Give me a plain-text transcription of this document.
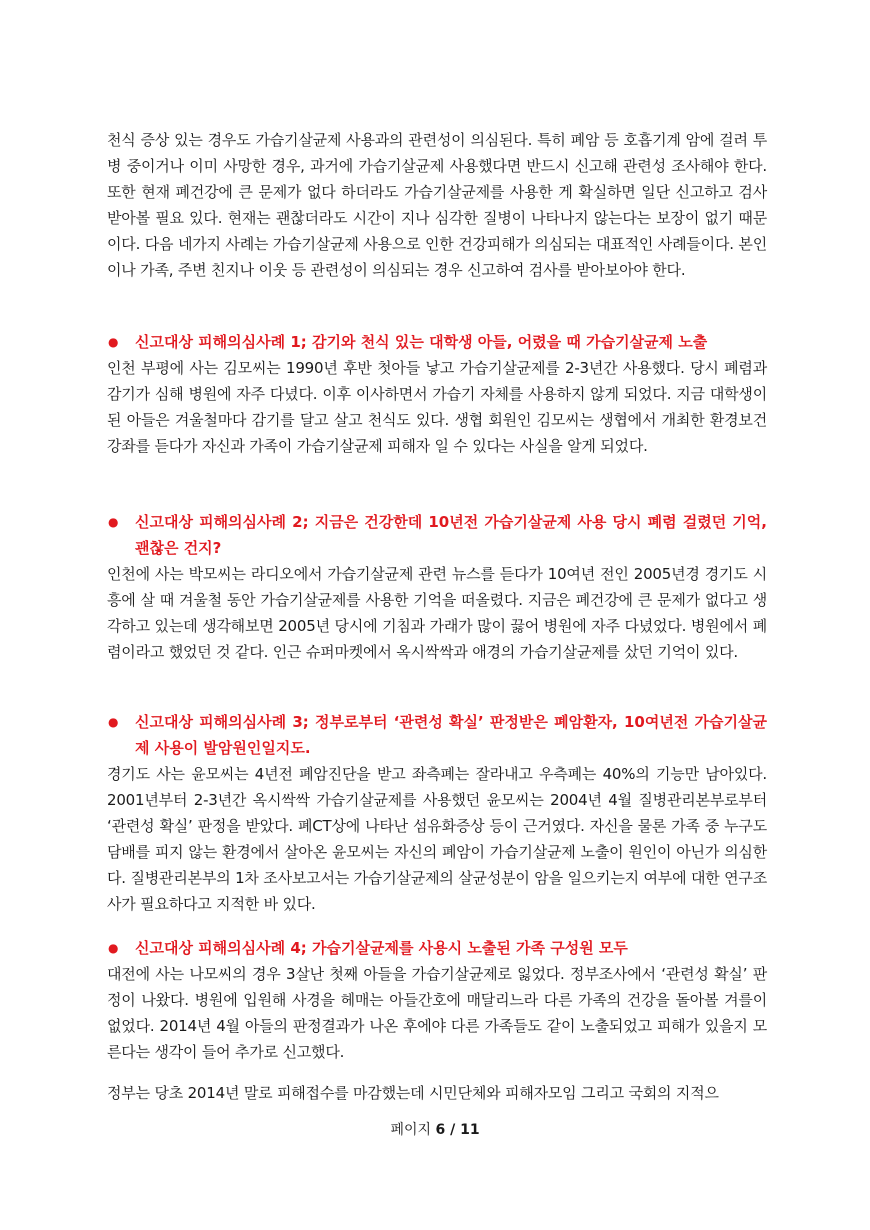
천식 증상 있는 경우도 가습기살균제 사용과의 관련성이 의심된다. 특히 폐암 등 호흡기계 암에 걸려 투병 중이거나 이미 사망한 경우, 과거에 가습기살균제 사용했다면 반드시 신고해 관련성 조사해야 한다. 또한 현재 폐건강에 큰 문제가 없다 하더라도 가습기살균제를 사용한 게 확실하면 일단 신고하고 검사 받아볼 필요 있다. 현재는 괜찮더라도 시간이 지나 심각한 질병이 나타나지 않는다는 보장이 없기 때문이다. 다음 네가지 사례는 가습기살균제 사용으로 인한 건강피해가 의심되는 대표적인 사례들이다. 본인이나 가족, 주변 친지나 이웃 등 관련성이 의심되는 경우 신고하여 검사를 받아보아야 한다.

●	신고대상 피해의심사례 1; 감기와 천식 있는 대학생 아들, 어렸을 때 가습기살균제 노출

인천 부평에 사는 김모씨는 1990년 후반 첫아들 낳고 가습기살균제를 2-3년간 사용했다. 당시 폐렴과 감기가 심해 병원에 자주 다녔다. 이후 이사하면서 가습기 자체를 사용하지 않게 되었다. 지금 대학생이 된 아들은 겨울철마다 감기를 달고 살고 천식도 있다. 생협 회원인 김모씨는 생협에서 개최한 환경보건 강좌를 듣다가 자신과 가족이 가습기살균제 피해자 일 수 있다는 사실을 알게 되었다.

●	신고대상 피해의심사례 2; 지금은 건강한데 10년전 가습기살균제 사용 당시 폐렴 걸렸던 기억, 괜찮은 건지?

인천에 사는 박모씨는 라디오에서 가습기살균제 관련 뉴스를 듣다가 10여년 전인 2005년경 경기도 시흥에 살 때 겨울철 동안 가습기살균제를 사용한 기억을 떠올렸다. 지금은 폐건강에 큰 문제가 없다고 생각하고 있는데 생각해보면 2005년 당시에 기침과 가래가 많이 끓어 병원에 자주 다녔었다. 병원에서 폐렴이라고 했었던 것 같다. 인근 슈퍼마켓에서 옥시싹싹과 애경의 가습기살균제를 샀던 기억이 있다.

●	신고대상 피해의심사례 3; 정부로부터 ‘관련성 확실’ 판정받은 폐암환자, 10여년전 가습기살균제 사용이 발암원인일지도.

경기도 사는 윤모씨는 4년전 폐암진단을 받고 좌측폐는 잘라내고 우측폐는 40%의 기능만 남아있다. 2001년부터 2-3년간 옥시싹싹 가습기살균제를 사용했던 윤모씨는 2004년 4월 질병관리본부로부터 ‘관련성 확실’ 판정을 받았다. 폐CT상에 나타난 섬유화증상 등이 근거였다. 자신을 물론 가족 중 누구도 담배를 피지 않는 환경에서 살아온 윤모씨는 자신의 폐암이 가습기살균제 노출이 원인이 아닌가 의심한다. 질병관리본부의 1차 조사보고서는 가습기살균제의 살균성분이 암을 일으키는지 여부에 대한 연구조사가 필요하다고 지적한 바 있다.

●	신고대상 피해의심사례 4; 가습기살균제를 사용시 노출된 가족 구성원 모두

대전에 사는 나모씨의 경우 3살난 첫째 아들을 가습기살균제로 잃었다. 정부조사에서 ‘관련성 확실’ 판정이 나왔다. 병원에 입원해 사경을 헤매는 아들간호에 매달리느라 다른 가족의 건강을 돌아볼 겨를이 없었다. 2014년 4월 아들의 판정결과가 나온 후에야 다른 가족들도 같이 노출되었고 피해가 있을지 모른다는 생각이 들어 추가로 신고했다.

정부는 당초 2014년 말로 피해접수를 마감했는데 시민단체와 피해자모임 그리고 국회의 지적으

페이지 6 / 11
